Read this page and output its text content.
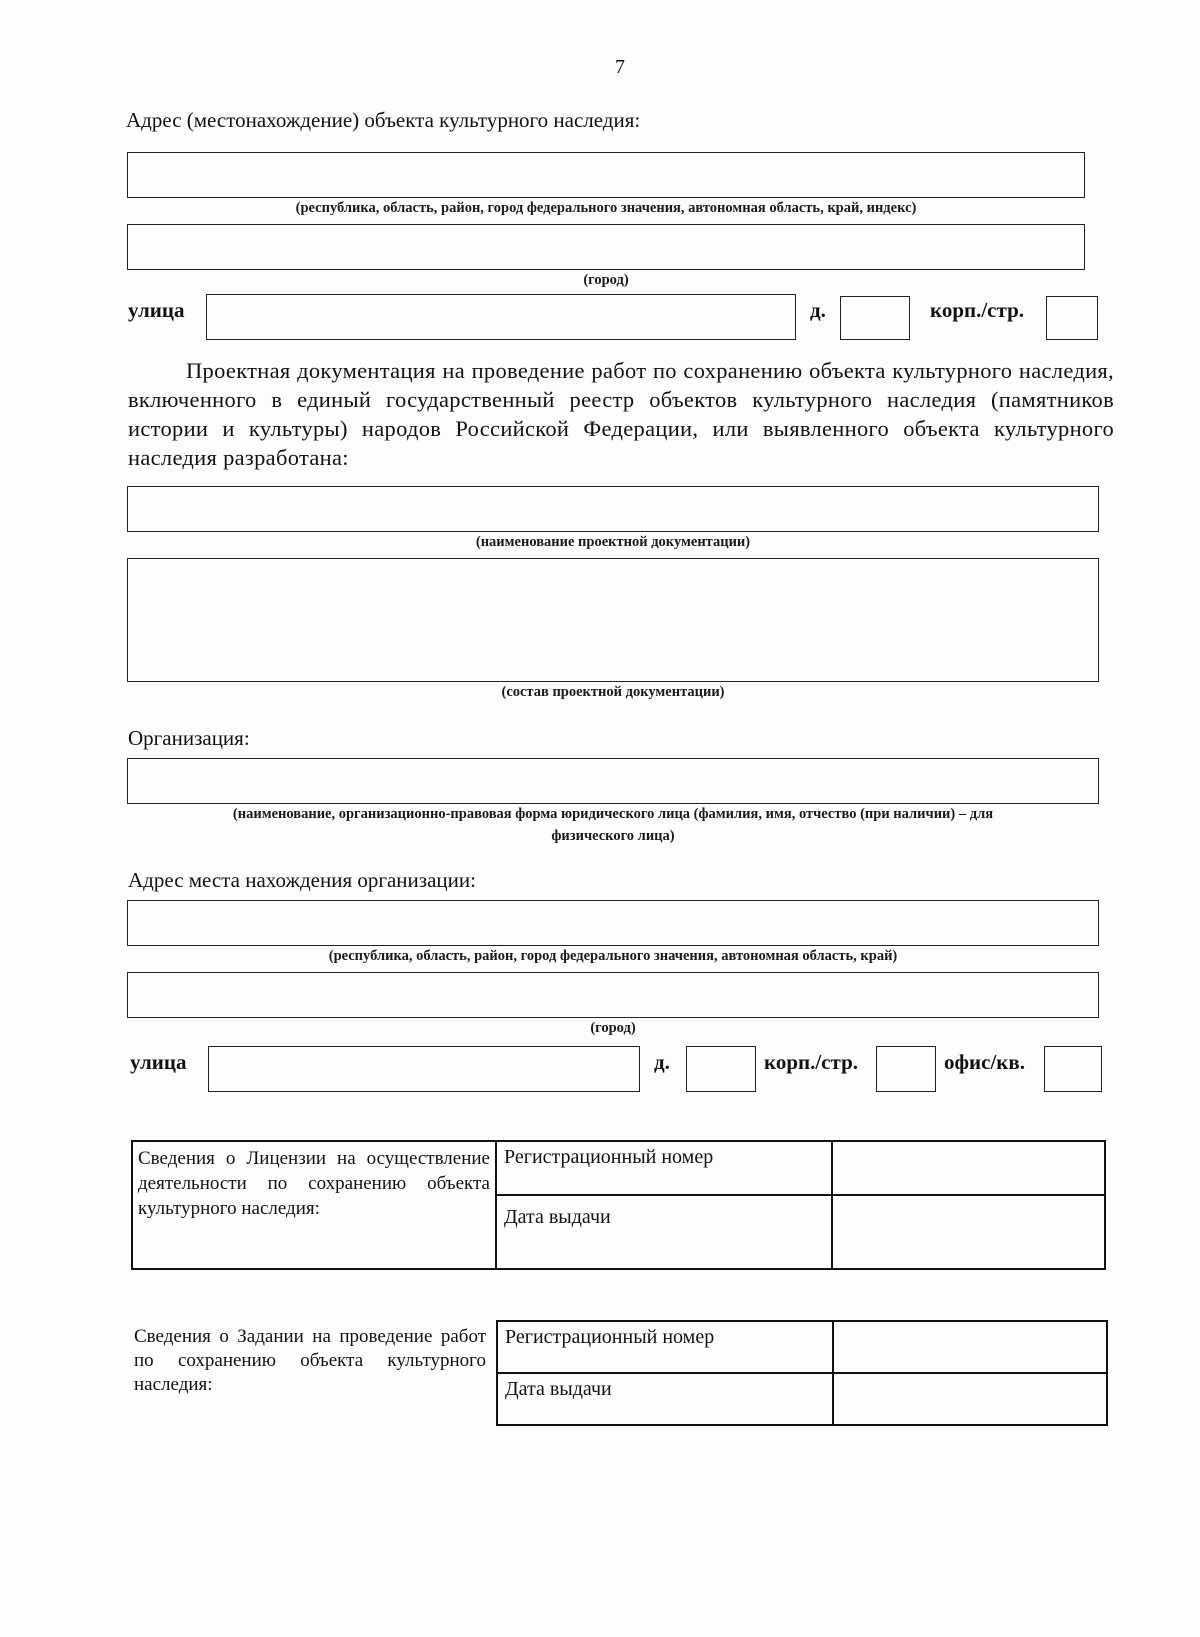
7
Адрес (местонахождение) объекта культурного наследия:
(республика, область, район, город федерального значения, автономная область, край, индекс)
(город)
улица	д.	корп./стр.
Проектная документация на проведение работ по сохранению объекта культурного наследия, включенного в единый государственный реестр объектов культурного наследия (памятников истории и культуры) народов Российской Федерации, или выявленного объекта культурного наследия разработана:
(наименование проектной документации)
(состав проектной документации)
Организация:
(наименование, организационно-правовая форма юридического лица (фамилия, имя, отчество (при наличии) – для
физического лица)
Адрес места нахождения организации:
(республика, область, район, город федерального значения, автономная область, край)
(город)
улица	д.	корп./стр.	офис/кв.
Сведения о Лицензии на осуществление деятельности по сохранению объекта культурного наследия:	Регистрационный номер	
	Дата выдачи	
Сведения о Задании на проведение работ по сохранению объекта культурного наследия:
Регистрационный номер	
Дата выдачи	
